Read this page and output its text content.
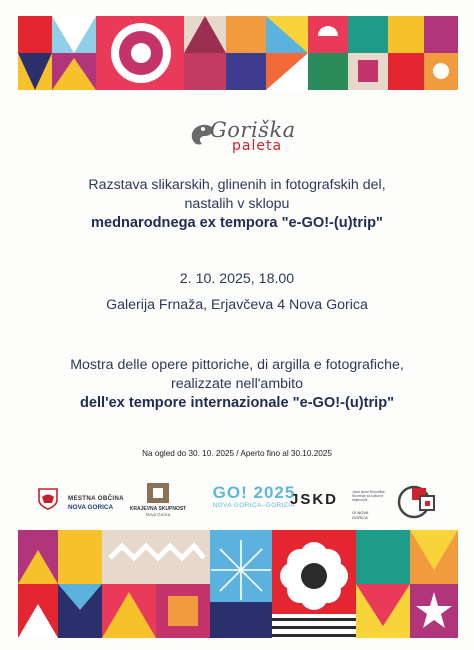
Goriška
paleta
Razstava slikarskih, glinenih in fotografskih del,
nastalih v sklopu
mednarodnega ex tempora "e-GO!-(u)trip"
2. 10. 2025, 18.00
Galerija Frnaža, Erjavčeva 4 Nova Gorica
Mostra delle opere pittoriche, di argilla e fotografiche,
realizzate nell'ambito
dell'ex tempore internazionale "e-GO!-(u)trip"
Na ogled do 30. 10. 2025 / Aperto fino al 30.10.2025
MESTNA OBČINA
NOVA GORICA	KRAJEVNA SKUPNOST
Nova Gorica
GO! 2025
NOVA GORICA–GORIZIA
JSKD	Javni sklad Republike Slovenije za kulturne dejavnosti
OI NOVA GORICA
